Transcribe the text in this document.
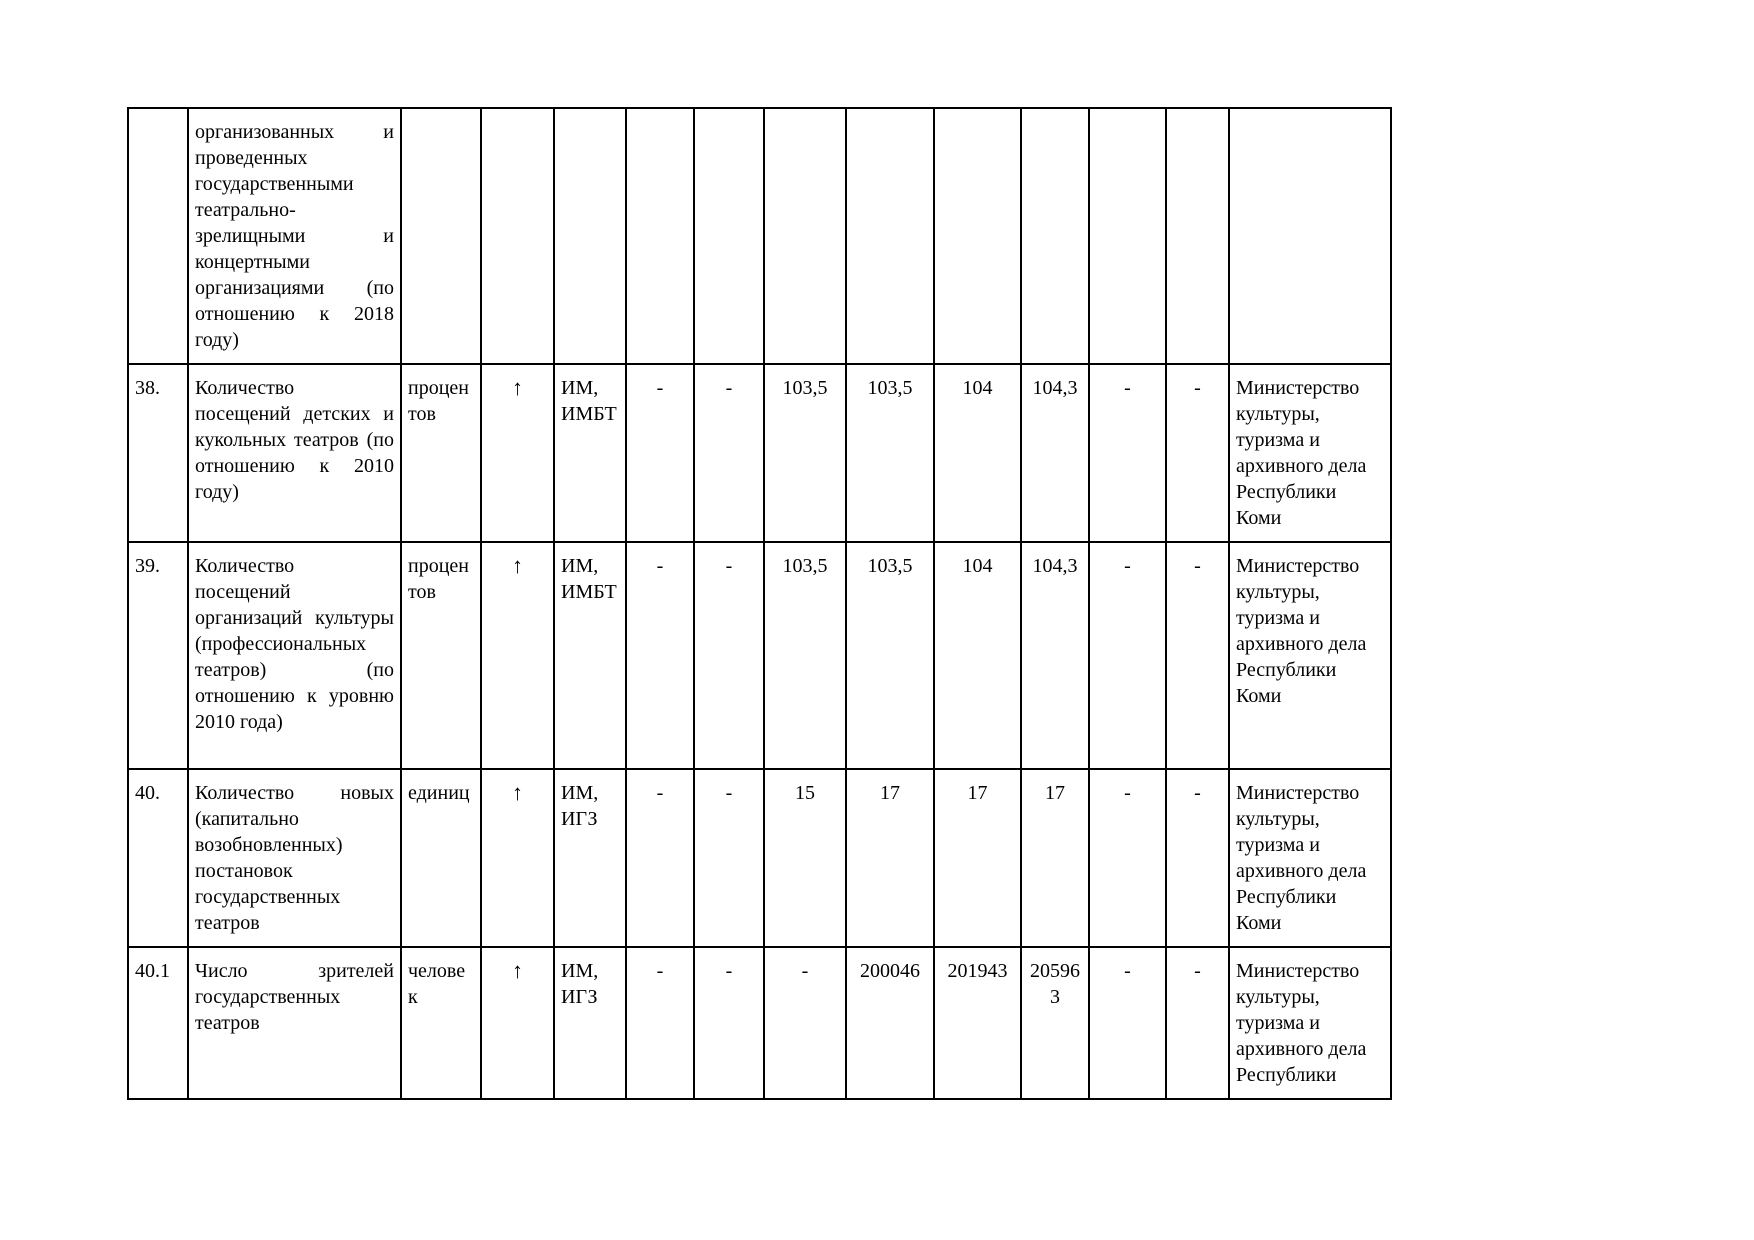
	организованных и проведенных государственными театрально-зрелищными и концертными организациями (по отношению к 2018 году)												
38.	Количество посещений детских и кукольных театров (по отношению к 2010 году)	процентов	↑	ИМ, ИМБТ	-	-	103,5	103,5	104	104,3	-	-	Министерство культуры, туризма и архивного дела Республики Коми
39.	Количество посещений организаций культуры (профессиональных театров) (по отношению к уровню 2010 года)	процентов	↑	ИМ, ИМБТ	-	-	103,5	103,5	104	104,3	-	-	Министерство культуры, туризма и архивного дела Республики Коми
40.	Количество новых (капитально возобновленных) постановок государственных театров	единиц	↑	ИМ, ИГЗ	-	-	15	17	17	17	-	-	Министерство культуры, туризма и архивного дела Республики Коми
40.1	Число зрителей государственных театров	человек	↑	ИМ, ИГЗ	-	-	-	200046	201943	205963	-	-	Министерство культуры, туризма и архивного дела Республики
